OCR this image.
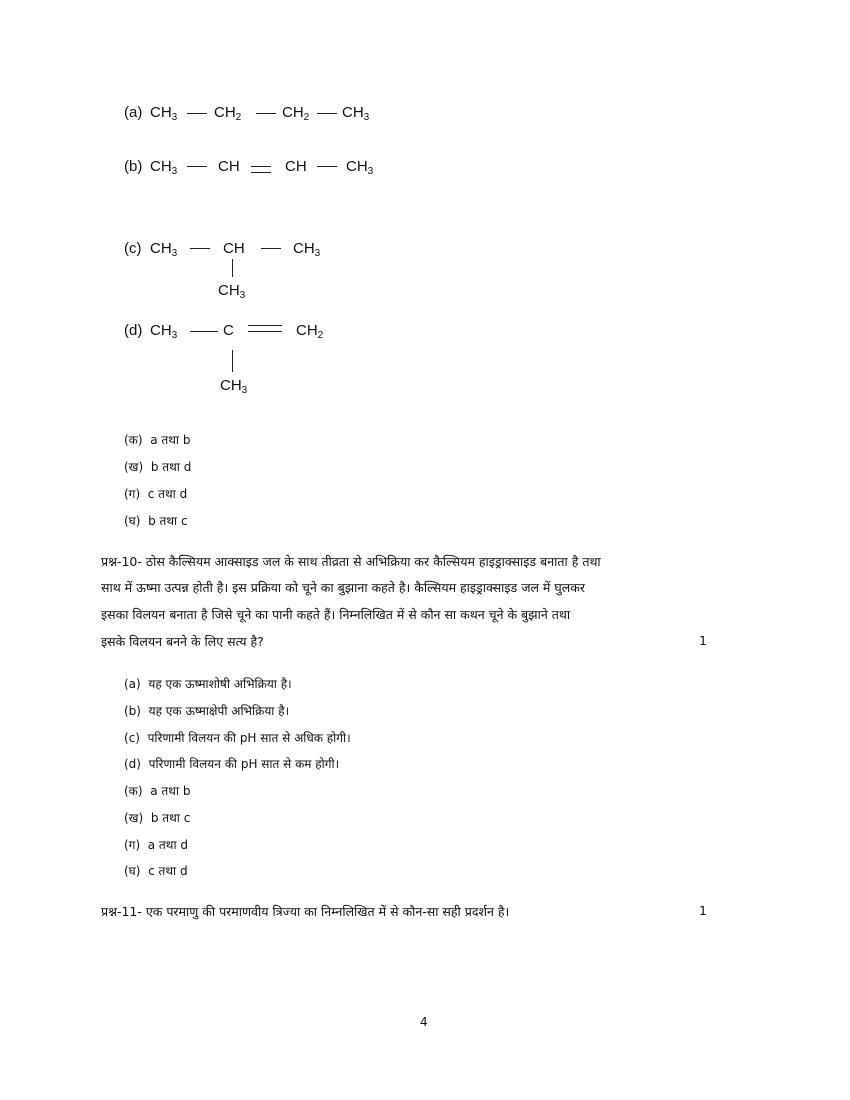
(a) $CH_3$ $CH_2$	$CH_2$ $CH_3$
(b) $CH_3$	CH	CH	$CH_3$
(c) $CH_3$	CH	$CH_3$
$CH_3$
(d) $CH_3$	C	$CH_2$
$CH_3$
(क) a तथा b
(ख) b तथा d
(ग) c तथा d
(घ) b तथा c
प्रश्न-10- ठोस कैल्सियम आक्साइड जल के साथ तीव्रता से अभिक्रिया कर कैल्सियम हाइड्राक्साइड बनाता है तथा
साथ में ऊष्मा उत्पन्न होती है। इस प्रक्रिया को चूने का बुझाना कहते है। कैल्सियम हाइड्राक्साइड जल में घुलकर
इसका विलयन बनाता है जिसे चूने का पानी कहते हैं। निम्नलिखित में से कौन सा कथन चूने के बुझाने तथा
इसके विलयन बनने के लिए सत्य है?	1
(a) यह एक ऊष्माशोषी अभिक्रिया है।
(b) यह एक ऊष्माक्षेपी अभिक्रिया है।
(c) परिणामी विलयन की pH सात से अधिक होगी।
(d) परिणामी विलयन की pH सात से कम होगी।
(क) a तथा b
(ख) b तथा c
(ग) a तथा d
(घ) c तथा d
प्रश्न-11- एक परमाणु की परमाणवीय त्रिज्या का निम्नलिखित में से कौन-सा सही प्रदर्शन है।	1
4
